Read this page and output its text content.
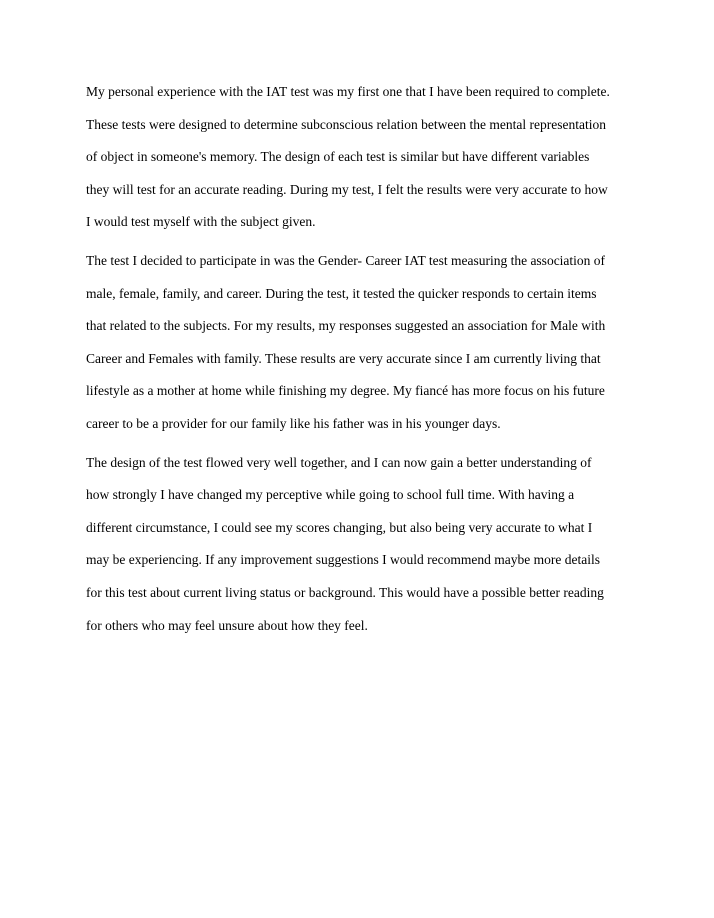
My personal experience with the IAT test was my first one that I have been required to complete.
These tests were designed to determine subconscious relation between the mental representation
of object in someone's memory. The design of each test is similar but have different variables
they will test for an accurate reading. During my test, I felt the results were very accurate to how
I would test myself with the subject given.
The test I decided to participate in was the Gender- Career IAT test measuring the association of
male, female, family, and career. During the test, it tested the quicker responds to certain items
that related to the subjects. For my results, my responses suggested an association for Male with
Career and Females with family. These results are very accurate since I am currently living that
lifestyle as a mother at home while finishing my degree. My fiancé has more focus on his future
career to be a provider for our family like his father was in his younger days.
The design of the test flowed very well together, and I can now gain a better understanding of
how strongly I have changed my perceptive while going to school full time. With having a
different circumstance, I could see my scores changing, but also being very accurate to what I
may be experiencing. If any improvement suggestions I would recommend maybe more details
for this test about current living status or background. This would have a possible better reading
for others who may feel unsure about how they feel.
